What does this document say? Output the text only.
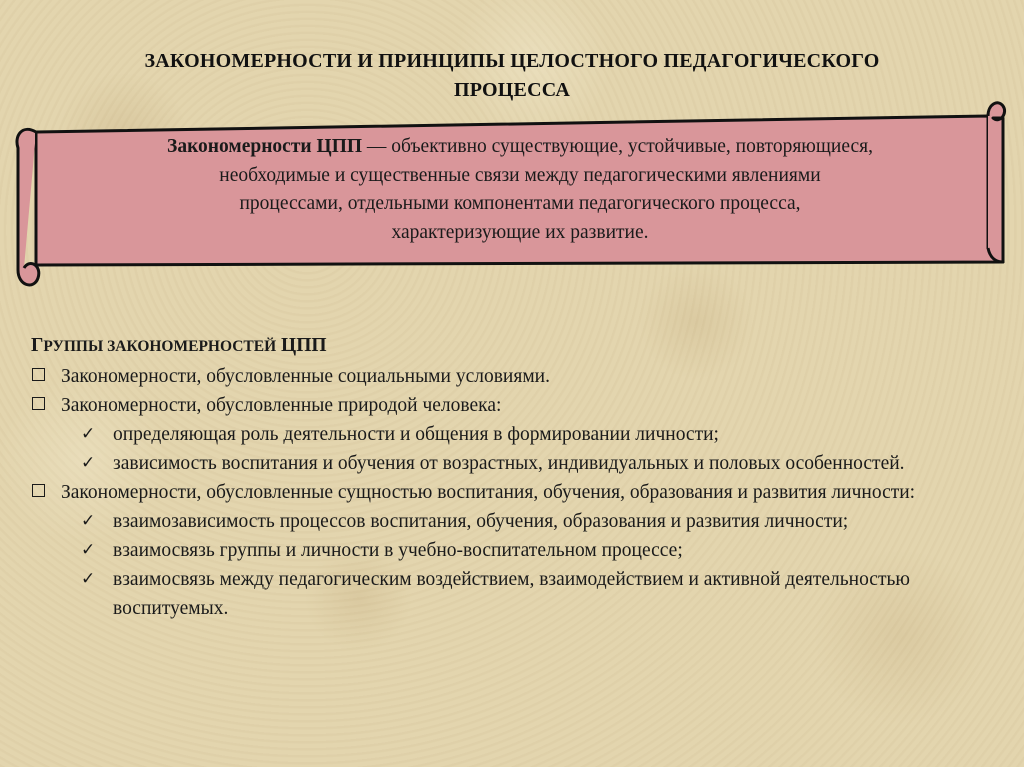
ЗАКОНОМЕРНОСТИ И ПРИНЦИПЫ ЦЕЛОСТНОГО ПЕДАГОГИЧЕСКОГО
ПРОЦЕССА
Закономерности ЦПП — объективно существующие, устойчивые, повторяющиеся,
необходимые и существенные связи между педагогическими явлениями
процессами, отдельными компонентами педагогического процесса,
характеризующие их развитие.
ГРУППЫ ЗАКОНОМЕРНОСТЕЙ ЦПП
Закономерности, обусловленные социальными условиями.
Закономерности, обусловленные природой человека:
✓ определяющая роль деятельности и общения в формировании личности;
✓ зависимость воспитания и обучения от возрастных, индивидуальных и половых особенностей.
Закономерности, обусловленные сущностью воспитания, обучения, образования и развития личности:
✓ взаимозависимость процессов воспитания, обучения, образования и развития личности;
✓ взаимосвязь группы и личности в учебно-воспитательном процессе;
✓ взаимосвязь между педагогическим воздействием, взаимодействием и активной деятельностью воспитуемых.
